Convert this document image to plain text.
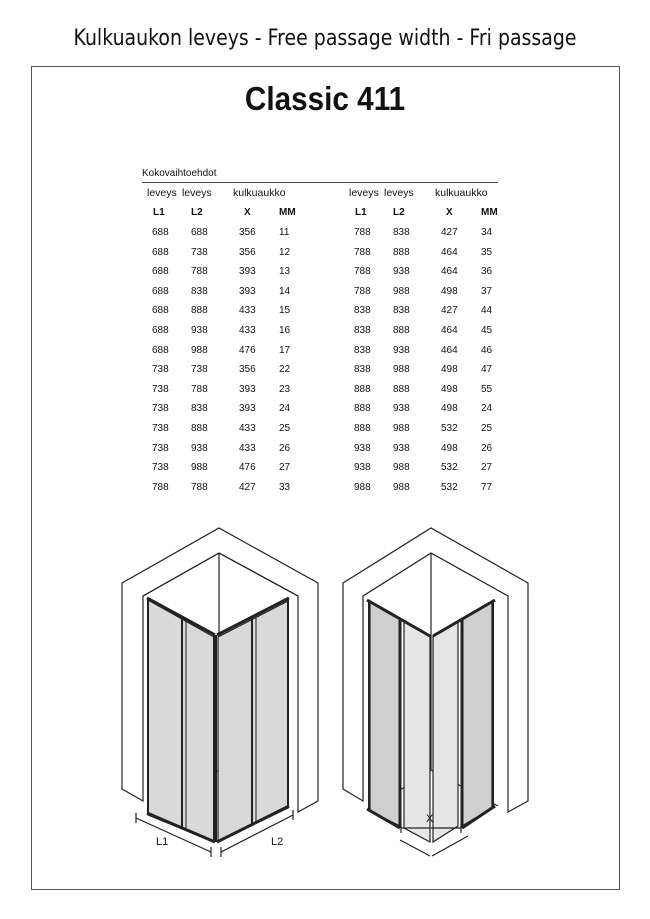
Kulkuaukon leveys - Free passage width - Fri passage
Classic 411
Kokovaihtoehdot
leveys leveys kulkuaukko
L1	L2	X	MM
688 688	356 11
688 738	356 12
688 788	393 13
688 838	393 14
688 888	433 15
688 938	433 16
688 988	476 17
738 738	356 22
738 788	393 23
738 838	393 24
738 888	433 25
738 938	433 26
738 988	476 27
788 788	427 33
leveys leveys kulkuaukko
L1	L2	X	MM
788 838	427 34
788 888	464 35
788 938	464 36
788 988	498 37
838 838	427 44
838 888	464 45
838 938	464 46
838 988	498 47
888 888	498 55
888 938	498 24
888 988	532 25
938 938	498 26
938 988	532 27
988 988	532 77
L1	L2
X
